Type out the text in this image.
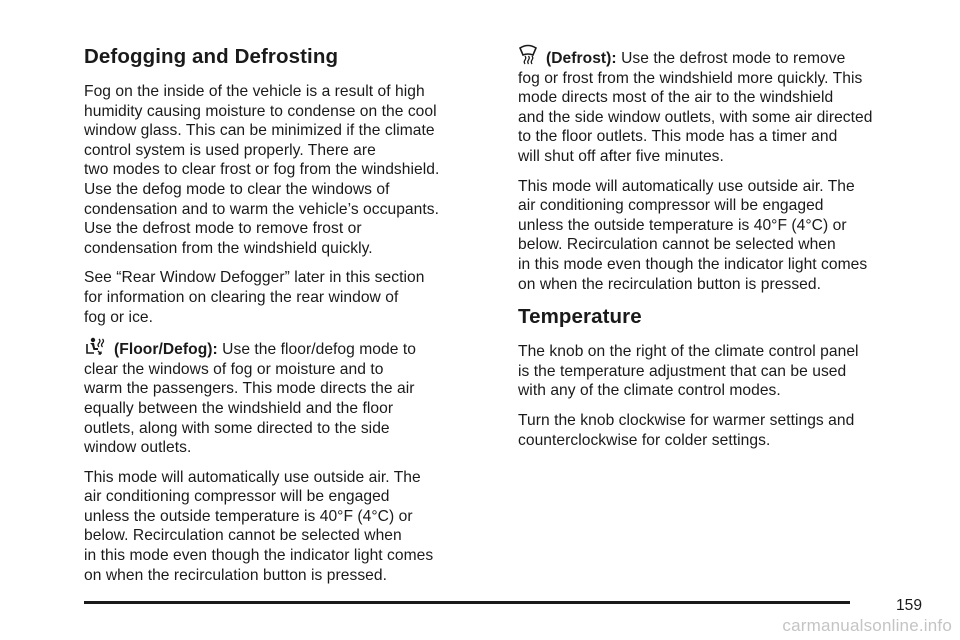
Defogging and Defrosting

Fog on the inside of the vehicle is a result of high
humidity causing moisture to condense on the cool
window glass. This can be minimized if the climate
control system is used properly. There are
two modes to clear frost or fog from the windshield.
Use the defog mode to clear the windows of
condensation and to warm the vehicle’s occupants.
Use the defrost mode to remove frost or
condensation from the windshield quickly.

See “Rear Window Defogger” later in this section
for information on clearing the rear window of
fog or ice.

(Floor/Defog): Use the floor/defog mode to
clear the windows of fog or moisture and to
warm the passengers. This mode directs the air
equally between the windshield and the floor
outlets, along with some directed to the side
window outlets.

This mode will automatically use outside air. The
air conditioning compressor will be engaged
unless the outside temperature is 40°F (4°C) or
below. Recirculation cannot be selected when
in this mode even though the indicator light comes
on when the recirculation button is pressed.

(Defrost): Use the defrost mode to remove
fog or frost from the windshield more quickly. This
mode directs most of the air to the windshield
and the side window outlets, with some air directed
to the floor outlets. This mode has a timer and
will shut off after five minutes.

This mode will automatically use outside air. The
air conditioning compressor will be engaged
unless the outside temperature is 40°F (4°C) or
below. Recirculation cannot be selected when
in this mode even though the indicator light comes
on when the recirculation button is pressed.

Temperature

The knob on the right of the climate control panel
is the temperature adjustment that can be used
with any of the climate control modes.

Turn the knob clockwise for warmer settings and
counterclockwise for colder settings.

159
carmanualsonline.info
